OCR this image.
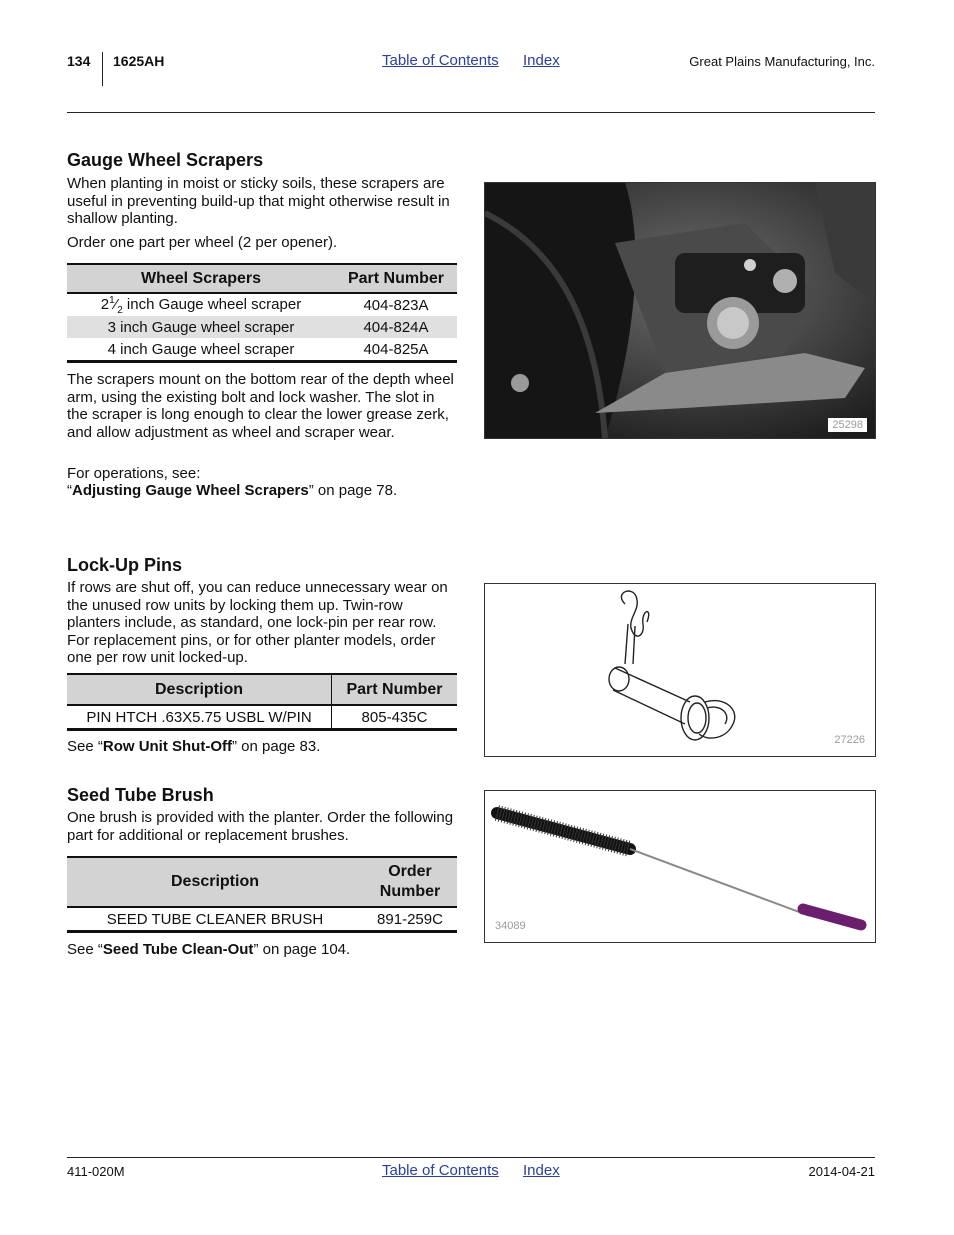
134 1625AH	Table of Contents Index	Great Plains Manufacturing, Inc.
Gauge Wheel Scrapers

When planting in moist or sticky soils, these scrapers are useful in preventing build-up that might otherwise result in shallow planting.

Order one part per wheel (2 per opener).

Wheel Scrapers	Part Number
$2^1⁄_2$ inch Gauge wheel scraper	404-823A
3 inch Gauge wheel scraper	404-824A
4 inch Gauge wheel scraper	404-825A

The scrapers mount on the bottom rear of the depth wheel arm, using the existing bolt and lock washer. The slot in the scraper is long enough to clear the lower grease zerk, and allow adjustment as wheel and scraper wear.

For operations, see:

“Adjusting Gauge Wheel Scrapers” on page 78.

25298
Lock-Up Pins

If rows are shut off, you can reduce unnecessary wear on the unused row units by locking them up. Twin-row planters include, as standard, one lock-pin per rear row. For replacement pins, or for other planter models, order one per row unit locked-up.

Description	Part Number
PIN HTCH .63X5.75 USBL W/PIN	805-435C

See “Row Unit Shut-Off” on page 83.	27226
Seed Tube Brush

One brush is provided with the planter. Order the following part for additional or replacement brushes.

Description	Order Number
SEED TUBE CLEANER BRUSH	891-259C

See “Seed Tube Clean-Out” on page 104.

34089
411-020M	Table of Contents Index	2014-04-21
